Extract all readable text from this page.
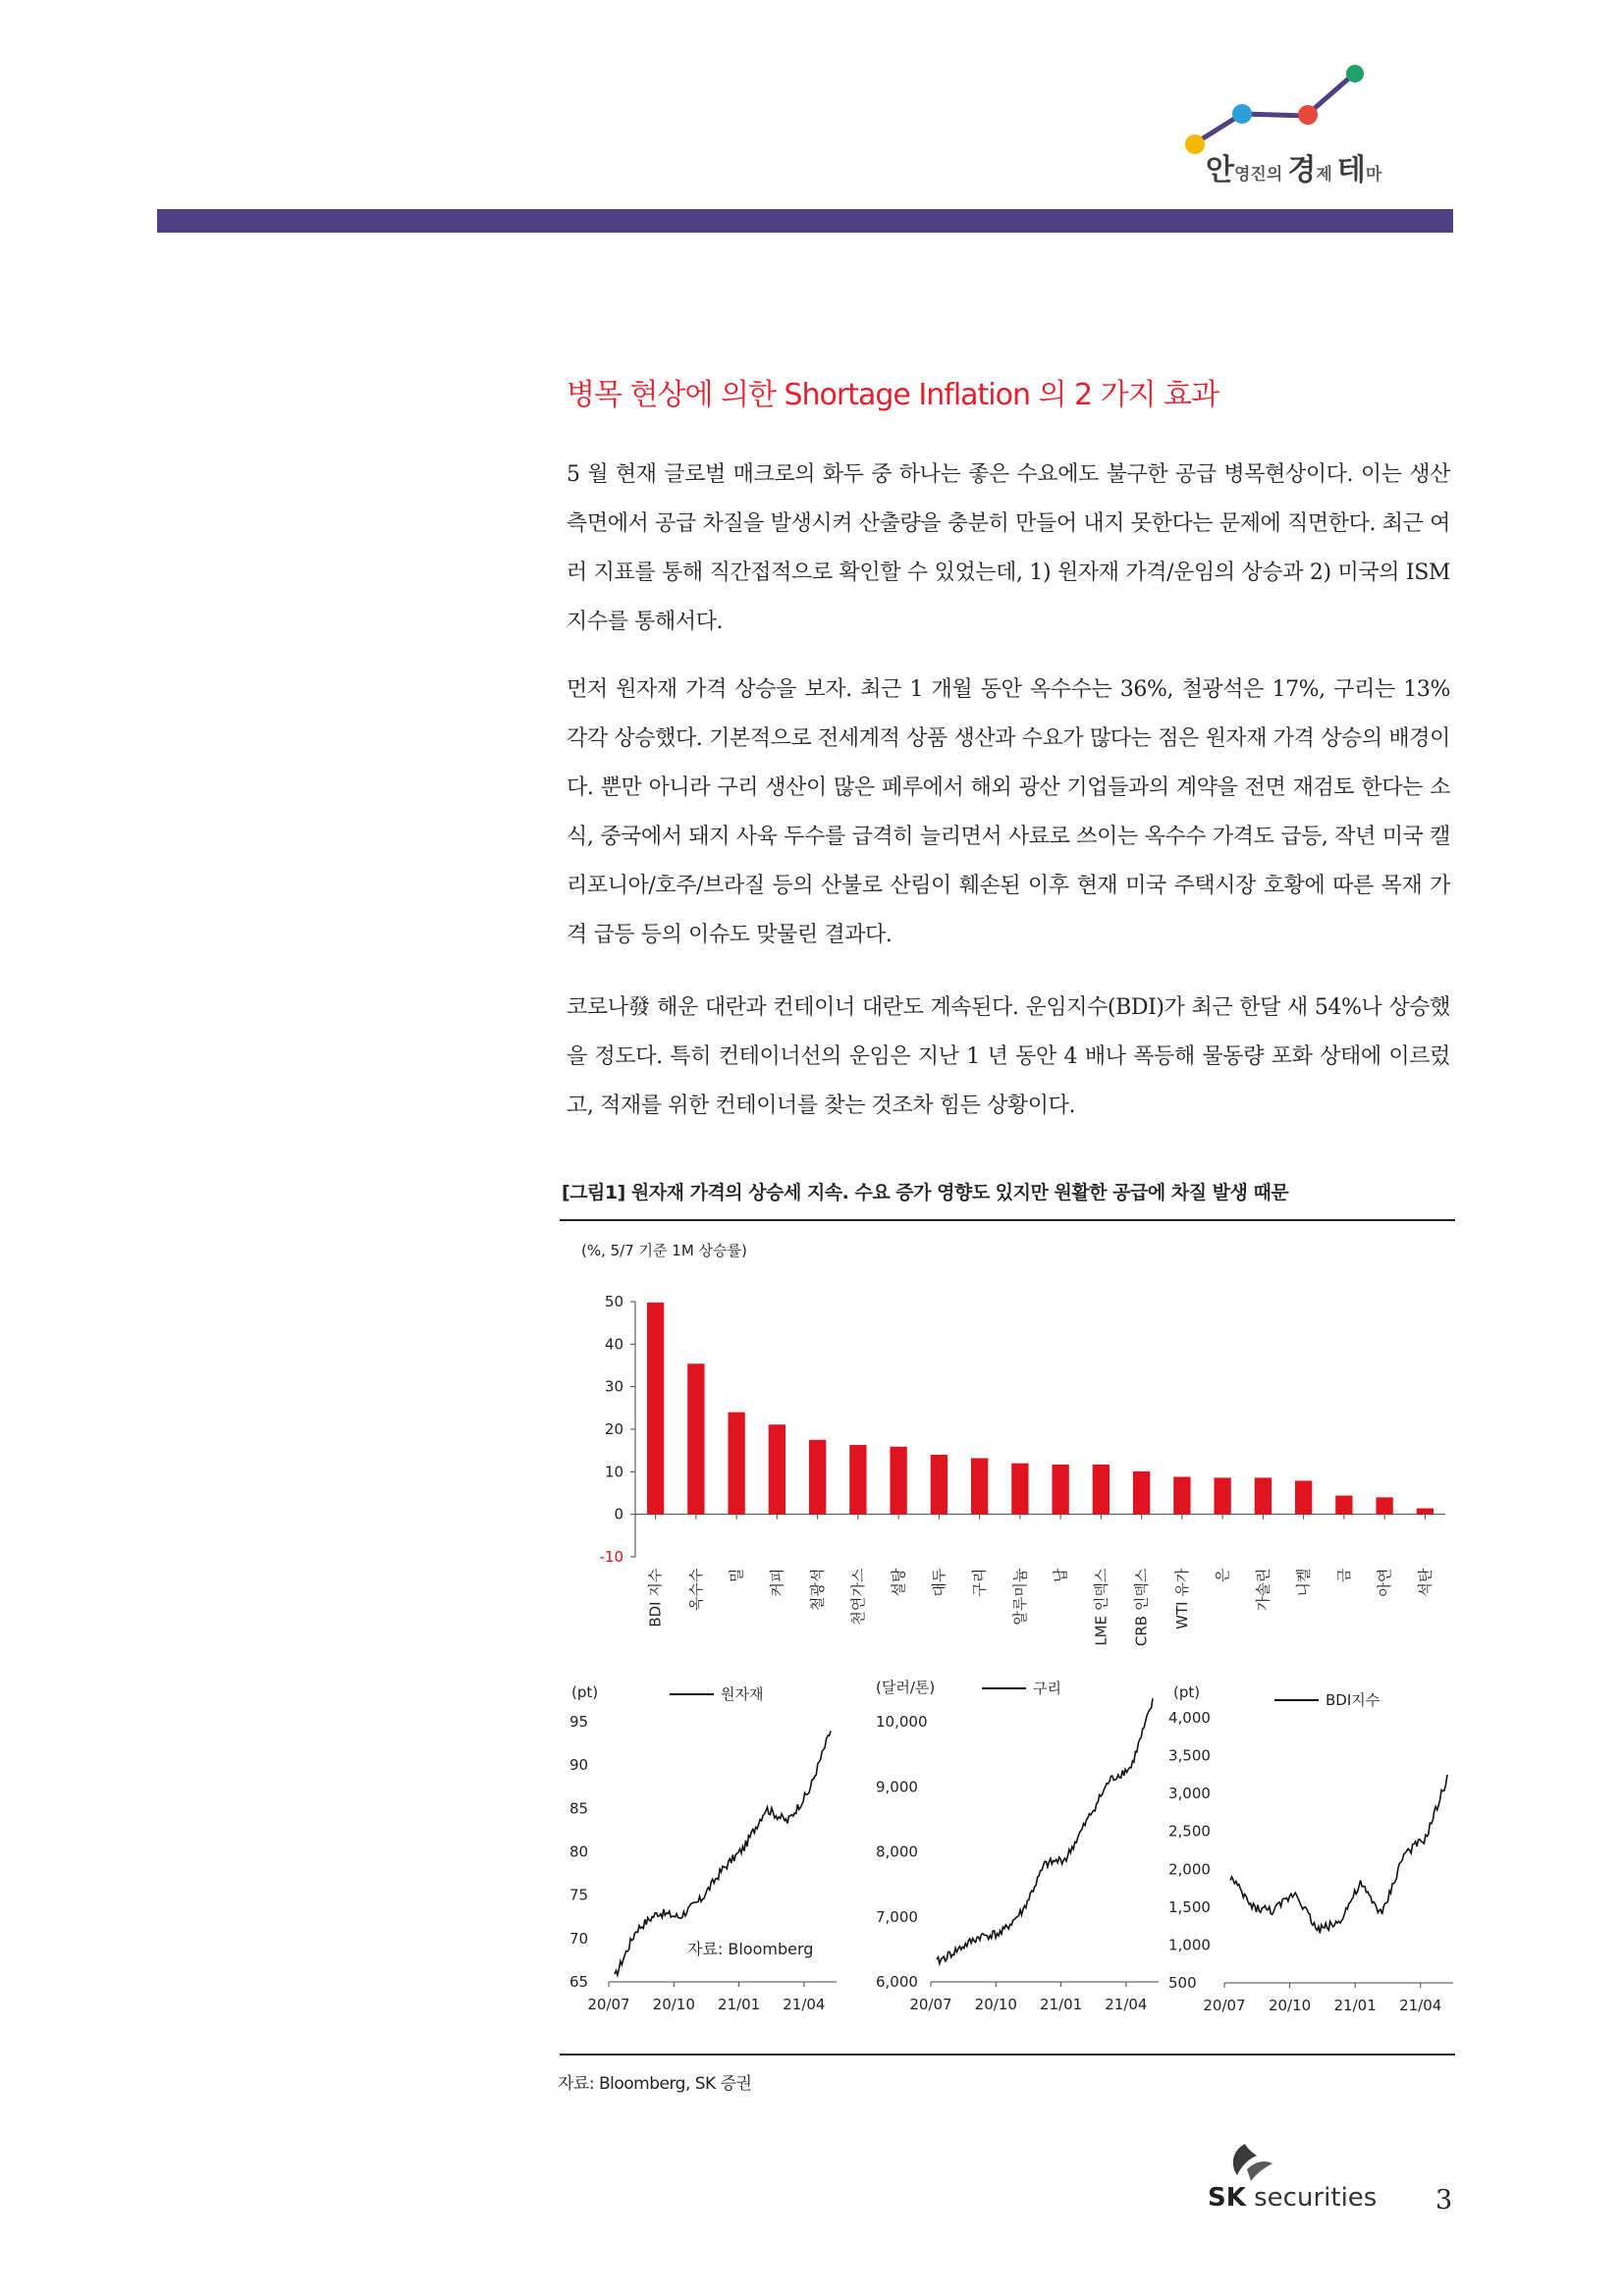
안영진의 경제 테마
병목 현상에 의한 Shortage Inflation 의 2 가지 효과
5 월 현재 글로벌 매크로의 화두 중 하나는 좋은 수요에도 불구한 공급 병목현상이다. 이는 생산 측면에서 공급 차질을 발생시켜 산출량을 충분히 만들어 내지 못한다는 문제에 직면한다. 최근 여러 지표를 통해 직간접적으로 확인할 수 있었는데, 1) 원자재 가격/운임의 상승과 2) 미국의 ISM 지수를 통해서다.
먼저 원자재 가격 상승을 보자. 최근 1 개월 동안 옥수수는 36%, 철광석은 17%, 구리는 13% 각각 상승했다. 기본적으로 전세계적 상품 생산과 수요가 많다는 점은 원자재 가격 상승의 배경이다. 뿐만 아니라 구리 생산이 많은 페루에서 해외 광산 기업들과의 계약을 전면 재검토 한다는 소식, 중국에서 돼지 사육 두수를 급격히 늘리면서 사료로 쓰이는 옥수수 가격도 급등, 작년 미국 캘리포니아/호주/브라질 등의 산불로 산림이 훼손된 이후 현재 미국 주택시장 호황에 따른 목재 가격 급등 등의 이슈도 맞물린 결과다.
코로나發 해운 대란과 컨테이너 대란도 계속된다. 운임지수(BDI)가 최근 한달 새 54%나 상승했을 정도다. 특히 컨테이너선의 운임은 지난 1 년 동안 4 배나 폭등해 물동량 포화 상태에 이르렀고, 적재를 위한 컨테이너를 찾는 것조차 힘든 상황이다.
[그림1] 원자재 가격의 상승세 지속. 수요 증가 영향도 있지만 원활한 공급에 차질 발생 때문
(%, 5/7 기준 1M 상승률)
50
40
30
20
10
0
-10
BDI 지수 옥수수 밀 커피 철광석 천연가스 설탕 대두 구리 알루미늄 납 LME 인덱스 CRB 인덱스 WTI 유가 은 가솔린 니켈 금 아연 석탄
(pt)	원자재
95
90
85
80
75
70
65
20/07 20/10 21/01 21/04
자료: Bloomberg
(달러/톤)	구리
10,000
9,000
8,000
7,000
6,000
20/07 20/10 21/01 21/04
(pt)	BDI지수
4,000
3,500
3,000
2,500
2,000
1,500
1,000
500
20/07 20/10 21/01 21/04
자료: Bloomberg, SK 증권
SK securities 3
